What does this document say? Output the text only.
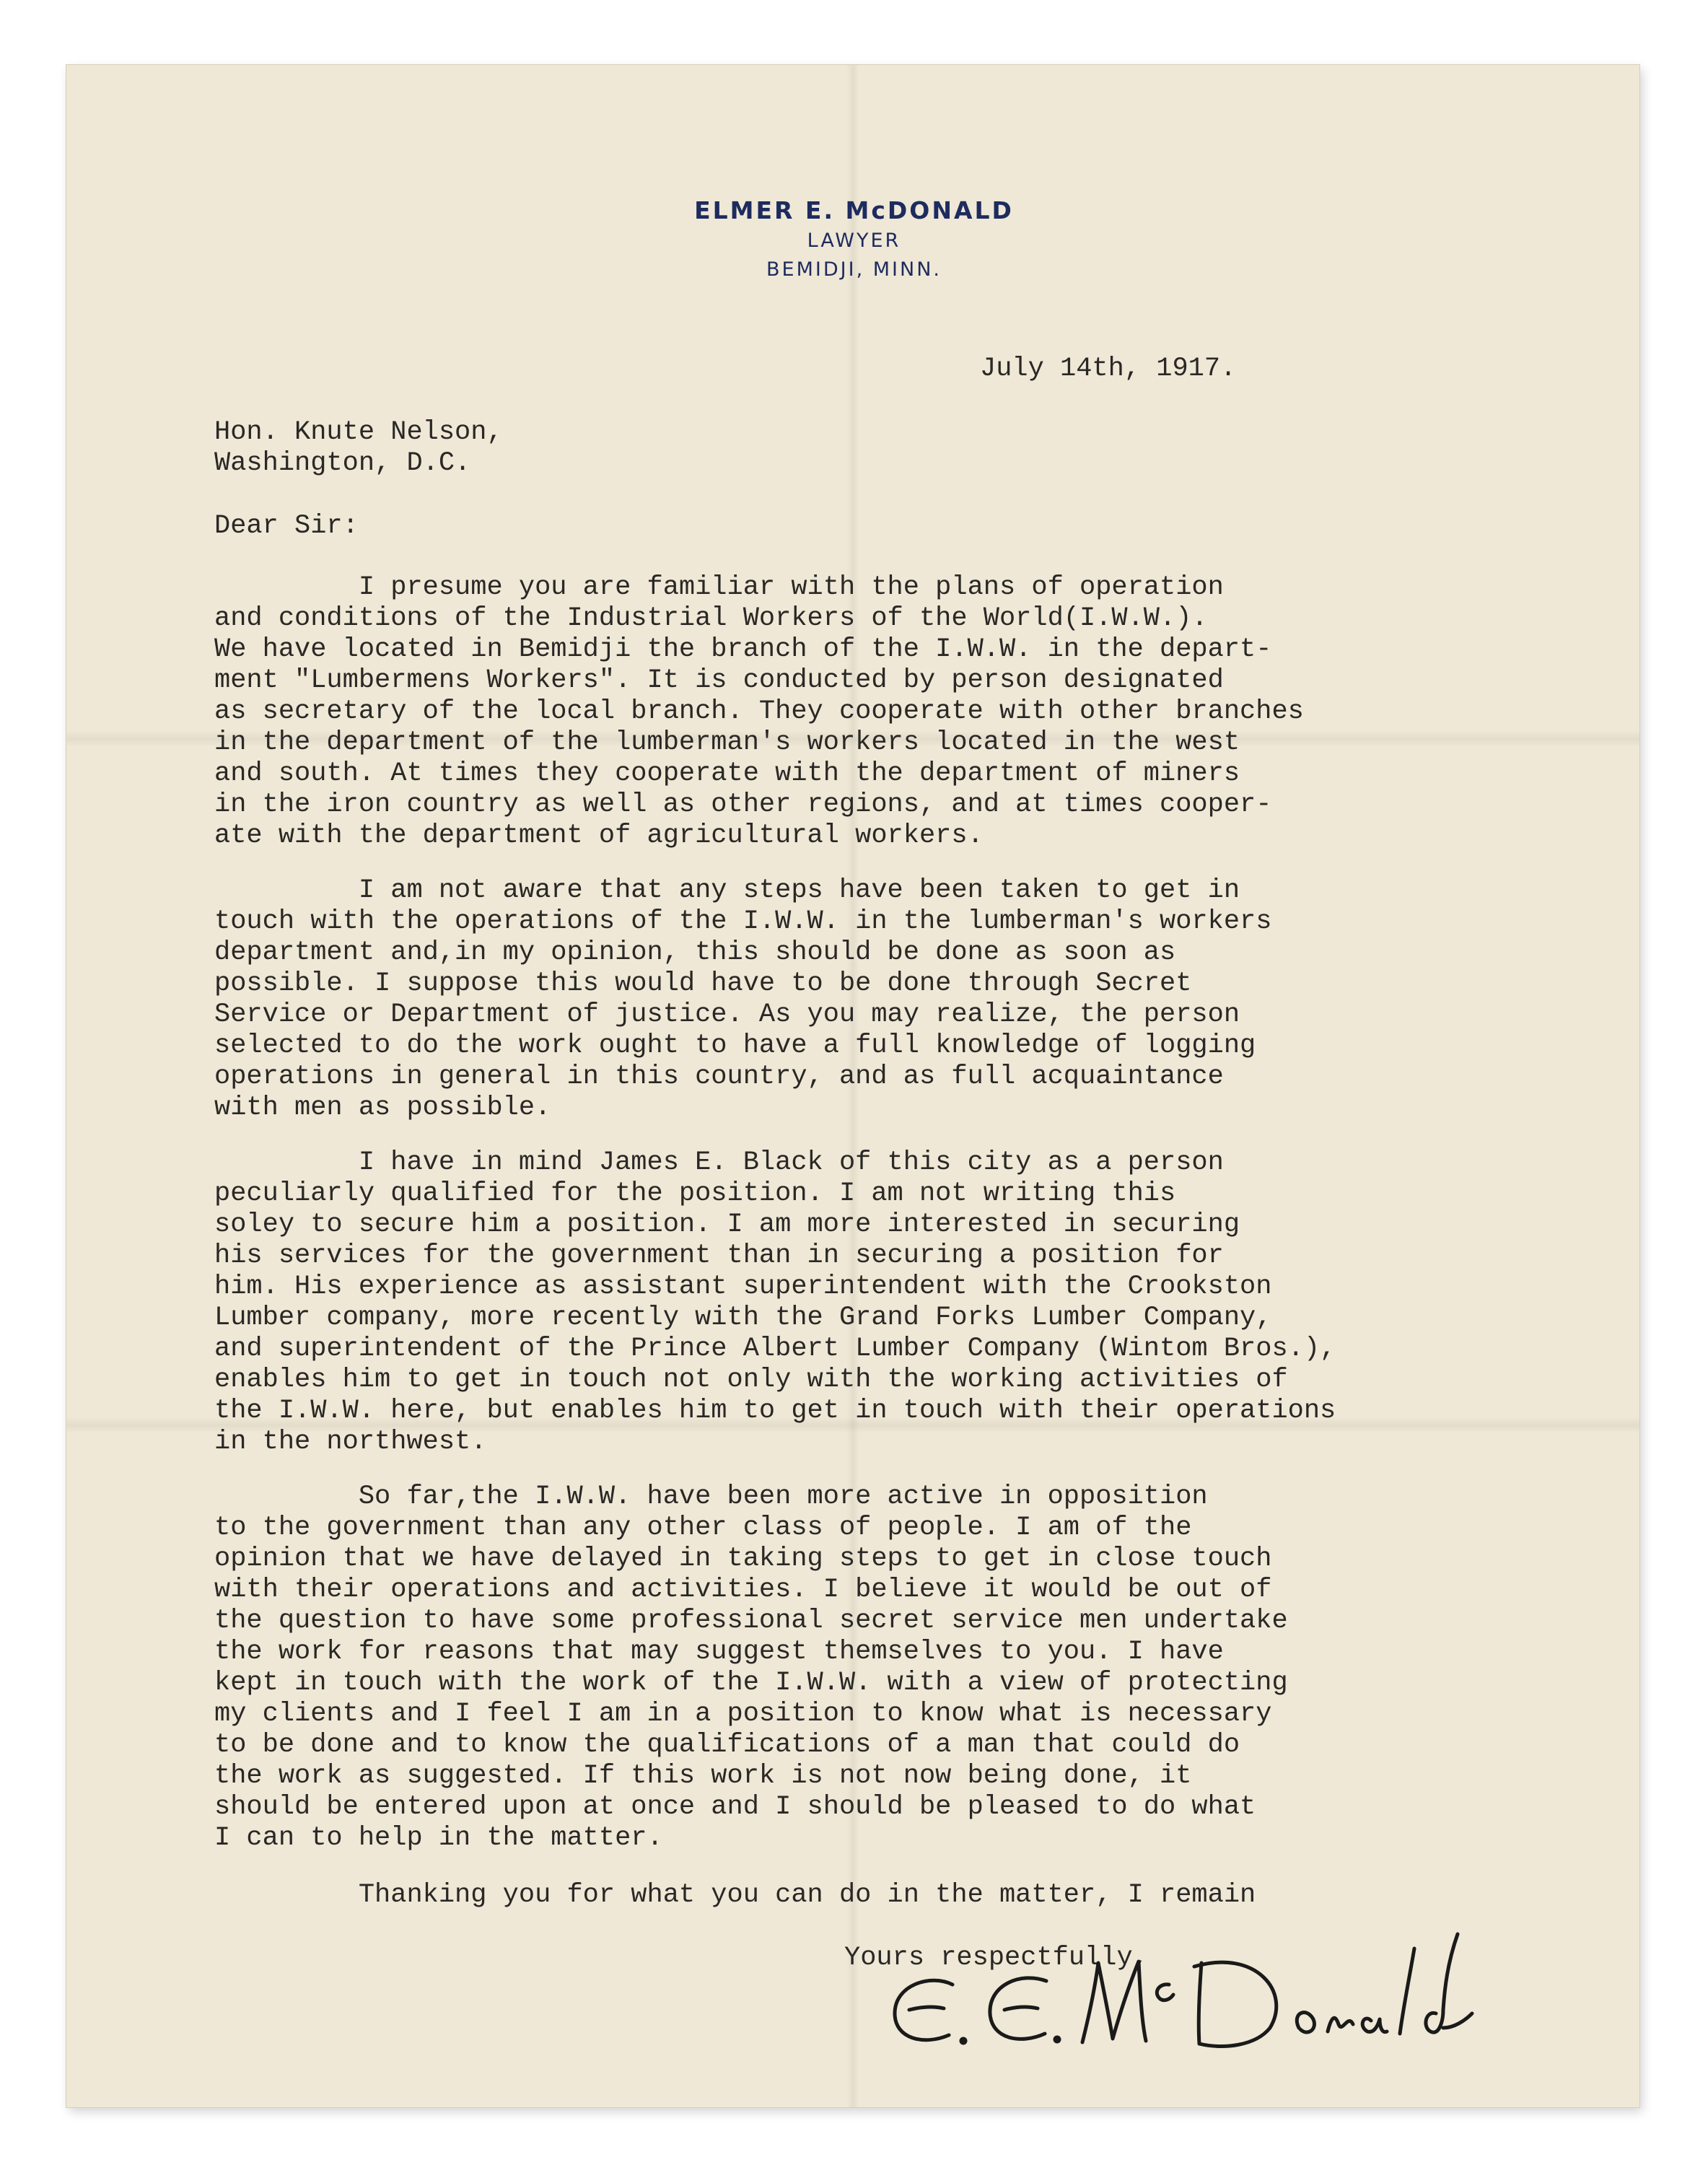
ELMER E. McDONALD
LAWYER
BEMIDJI, MINN.
July 14th, 1917.
Hon. Knute Nelson,
Washington, D.C.
Dear Sir:
I presume you are familiar with the plans of operation
and conditions of the Industrial Workers of the World(I.W.W.).
We have located in Bemidji the branch of the I.W.W. in the depart-
ment "Lumbermens Workers". It is conducted by person designated
as secretary of the local branch. They cooperate with other branches
in the department of the lumberman's workers located in the west
and south. At times they cooperate with the department of miners
in the iron country as well as other regions, and at times cooper-
ate with the department of agricultural workers.
I am not aware that any steps have been taken to get in
touch with the operations of the I.W.W. in the lumberman's workers
department and,in my opinion, this should be done as soon as
possible. I suppose this would have to be done through Secret
Service or Department of justice. As you may realize, the person
selected to do the work ought to have a full knowledge of logging
operations in general in this country, and as full acquaintance
with men as possible.
I have in mind James E. Black of this city as a person
peculiarly qualified for the position. I am not writing this
soley to secure him a position. I am more interested in securing
his services for the government than in securing a position for
him. His experience as assistant superintendent with the Crookston
Lumber company, more recently with the Grand Forks Lumber Company,
and superintendent of the Prince Albert Lumber Company (Wintom Bros.),
enables him to get in touch not only with the working activities of
the I.W.W. here, but enables him to get in touch with their operations
in the northwest.
So far,the I.W.W. have been more active in opposition
to the government than any other class of people. I am of the
opinion that we have delayed in taking steps to get in close touch
with their operations and activities. I believe it would be out of
the question to have some professional secret service men undertake
the work for reasons that may suggest themselves to you. I have
kept in touch with the work of the I.W.W. with a view of protecting
my clients and I feel I am in a position to know what is necessary
to be done and to know the qualifications of a man that could do
the work as suggested. If this work is not now being done, it
should be entered upon at once and I should be pleased to do what
I can to help in the matter.
Thanking you for what you can do in the matter, I remain
Yours respectfully,
